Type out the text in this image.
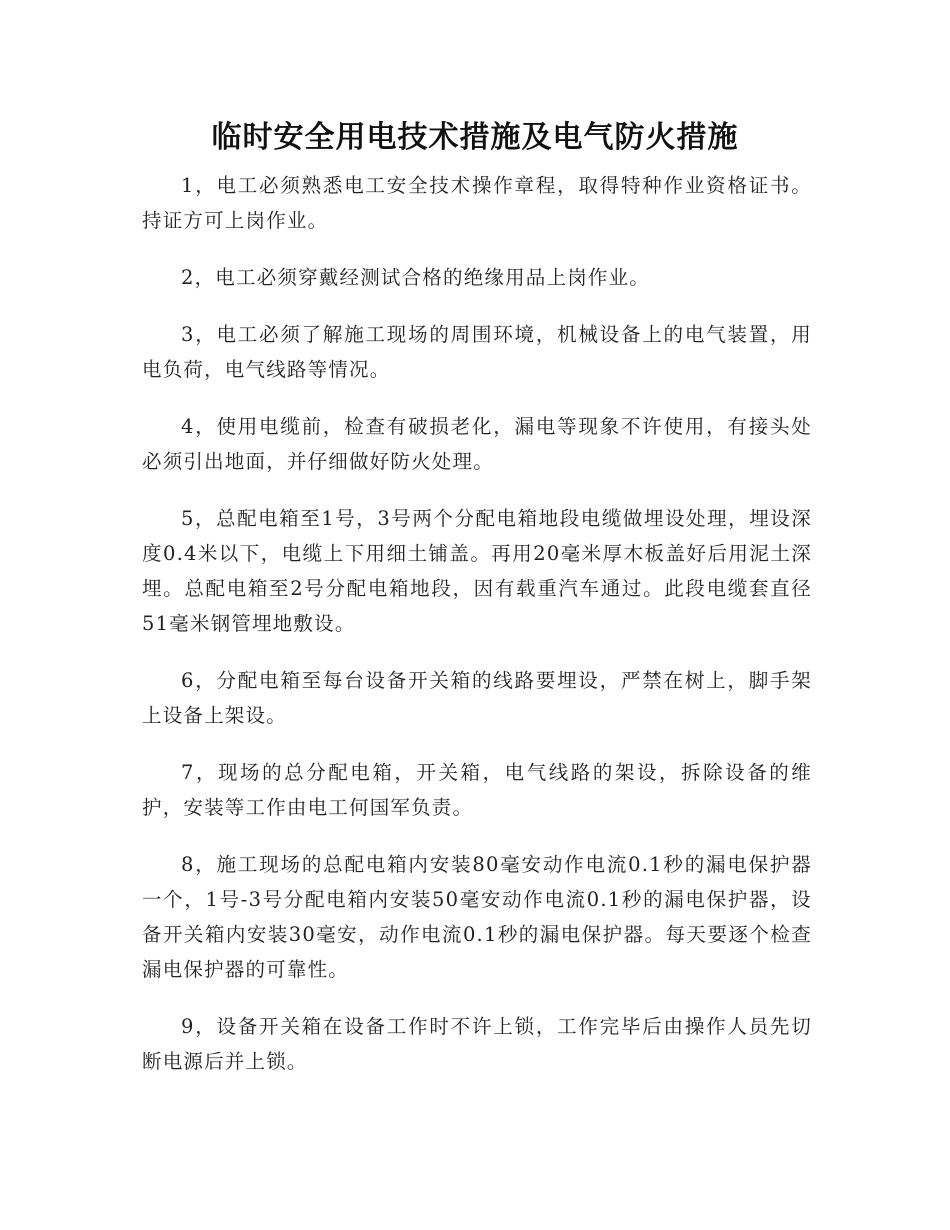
临时安全用电技术措施及电气防火措施

1，电工必须熟悉电工安全技术操作章程，取得特种作业资格证书。持证方可上岗作业。

2，电工必须穿戴经测试合格的绝缘用品上岗作业。

3，电工必须了解施工现场的周围环境，机械设备上的电气装置，用电负荷，电气线路等情况。

4，使用电缆前，检查有破损老化，漏电等现象不许使用，有接头处必须引出地面，并仔细做好防火处理。

5，总配电箱至1号，3号两个分配电箱地段电缆做埋设处理，埋设深度0.4米以下，电缆上下用细土铺盖。再用20毫米厚木板盖好后用泥土深埋。总配电箱至2号分配电箱地段，因有载重汽车通过。此段电缆套直径51毫米钢管埋地敷设。

6，分配电箱至每台设备开关箱的线路要埋设，严禁在树上，脚手架上设备上架设。

7，现场的总分配电箱，开关箱，电气线路的架设，拆除设备的维护，安装等工作由电工何国军负责。

8，施工现场的总配电箱内安装80毫安动作电流0.1秒的漏电保护器一个，1号-3号分配电箱内安装50毫安动作电流0.1秒的漏电保护器，设备开关箱内安装30毫安，动作电流0.1秒的漏电保护器。每天要逐个检查漏电保护器的可靠性。

9，设备开关箱在设备工作时不许上锁，工作完毕后由操作人员先切断电源后并上锁。
